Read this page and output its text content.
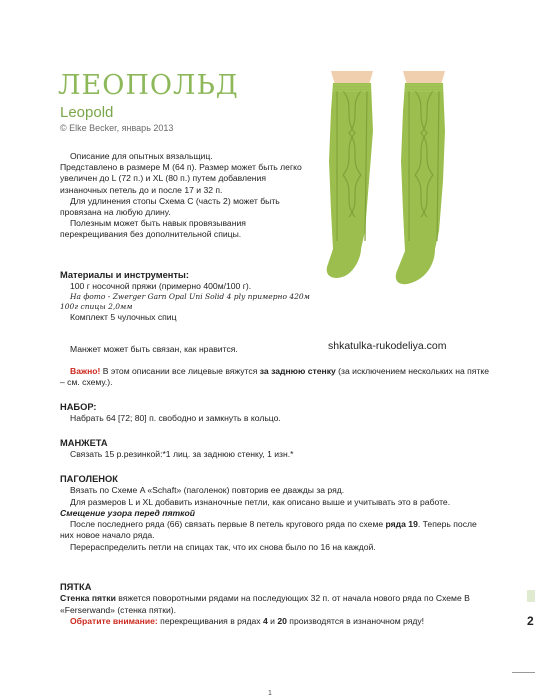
ЛЕОПОЛЬД
Leopold
© Elke Becker, январь 2013

Описание для опытных вязальщиц.

Представлено в размере M (64 п). Размер может быть легко увеличен до L (72 п.) и XL (80 п.) путем добавления изнаночных петель до и после 17 и 32 п.

Для удлинения стопы Схема С (часть 2) может быть провязана на любую длину.

Полезным может быть навык провязывания перекрещивания без дополнительной спицы.

Материалы и инструменты:

100 г носочной пряжи (примерно 400м/100 г).

На фото - Zwerger Garn Opal Uni Solid 4 ply примерно 420м 100г спицы 2,0мм

Комплект 5 чулочных спиц

Манжет может быть связан, как нравится.	shkatulka-rukodeliya.com

Важно! В этом описании все лицевые вяжутся за заднюю стенку (за исключением нескольких на пятке – см. схему.).

НАБОР:

Набрать 64 [72; 80] п. свободно и замкнуть в кольцо.

МАНЖЕТА

Связать 15 р.резинкой:*1 лиц. за заднюю стенку, 1 изн.*

ПАГОЛЕНОК

Вязать по Схеме A «Schaft» (паголенок) повторив ее дважды за ряд.

Для размеров L и XL добавить изнаночные петли, как описано выше и учитывать это в работе.

Смещение узора перед пяткой

После последнего ряда (66) связать первые 8 петель кругового ряда по схеме ряда 19. Теперь после них новое начало ряда.

Перераспределить петли на спицах так, что их снова было по 16 на каждой.

ПЯТКА

Стенка пятки вяжется поворотными рядами на последующих 32 п. от начала нового ряда по Схеме В «Ferserwand» (стенка пятки).

Обратите внимание: перекрещивания в рядах 4 и 20 производятся в изнаночном ряду!	2
1
